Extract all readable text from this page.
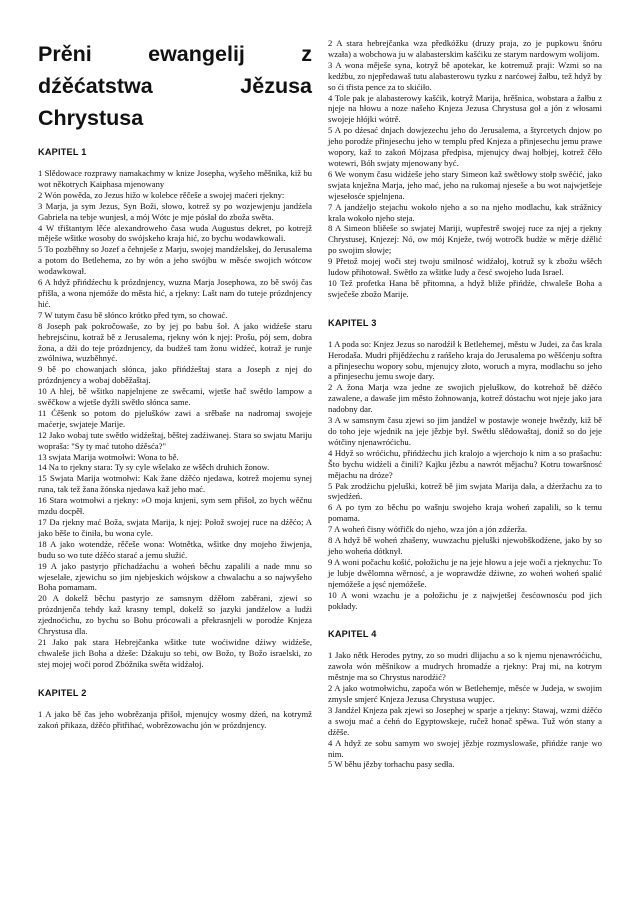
Prěni ewangelij z
dźěćatstwa Jězusa
Chrystusa
KAPITEL 1

1 Slědowace rozprawy namakachmy w knize Josepha, wyšeho měšnika, kiž bu wot někotrych Kaiphasa mjenowany

2 Wón powěda, zo Jezus hižo w kolebce rěčeše a swojej maćeri rjekny:

3 Marja, ja sym Jezus, Syn Boži, słowo, kotrež sy po wozjewjenju jandźela Gabriela na tebje wunjesł, a mój Wótc je mje pósłał do zboža swěta.

4 W třištantym lěće alexandroweho časa wuda Augustus dekret, po kotrejž měješe wšitke wosoby do swójskeho kraja hić, zo bychu wodawkowali.

5 To pozběhny so Jozef a čehnješe z Marju, swojej mandźelskej, do Jerusalema a potom do Betlehema, zo by wón a jeho swójbu w měsće swojich wótcow wodawkował.

6 A hdyž přińdźechu k prózdnjency, wuzna Marja Josephowa, zo bě swój čas přišła, a wona njemóže do města hić, a rjekny: Lašt nam do tuteje prózdnjency hić.

7 W tutym času bě słónco krótko před tym, so chować.

8 Joseph pak pokročowaše, zo by jej po babu šoł. A jako widźeše staru hebrejsćinu, kotraž bě z Jerusalema, rjekny wón k njej: Prošu, pój sem, dobra žona, a dźi do teje prózdnjency, da budźeš tam žonu widźeć, kotraž je runje zwólniwa, wuzběhnyć.

9 bě po chowanjach słónca, jako přińdźeštaj stara a Joseph z njej do prózdnjency a wobaj doběžaštaj.

10 A hlej, bě wšitko napjelnjene ze swěcami, wjetše hač swětło lampow a swěčkow a wjetše dyžli swětło słónca same.

11 Ćěšenk so potom do pjelušków zawi a srěbaše na nadromaj swojeje maćerje, swjateje Marije.

12 Jako wobaj tute swětło widźeštaj, běštej zadźiwanej. Stara so swjatu Mariju wopraša: "Sy ty mać tutoho dźěsća?"

13 swjata Marija wotmołwi: Wona to bě.

14 Na to rjekny stara: Ty sy cyle wšelako ze wšěch druhich žonow.

15 Swjata Marija wotmołwi: Kak žane dźěćo njedawa, kotrež mojemu synej runa, tak tež žana žónska njedawa kaž jeho mać.

16 Stara wotmołwi a rjekny: »O moja knjeni, sym sem přišoł, zo bych wěčnu mzdu docpěł.

17 Da rjekny mać Boža, swjata Marija, k njej: Połož swojej ruce na dźěćo; A jako běše to činiła, bu wona cyle.

18 A jako wotendźe, rěčeše wona: Wotnětka, wšitke dny mojeho žiwjenja, budu so wo tute dźěćo starać a jemu słužić.

19 A jako pastyrjo přichadźachu a woheń běchu zapalili a nade mnu so wjeselałe, zjewichu so jim njebjeskich wójskow a chwalachu a so najwyšeho Boha pomamam.

20 A dokelž běchu pastyrjo ze samsnym dźěłom zaběrani, zjewi so prózdnjenča tehdy kaž krasny templ, dokelž so jazyki jandźelow a ludźi zjednoćichu, zo bychu so Bohu prócowali a překrasnjeli w porodźe Knjeza Chrystusa dla.

21 Jako pak stara Hebrejčanka wšitke tute woćiwidne dźiwy widźeše, chwaleše jich Boha a dźeše: Dźakuju so tebi, ow Božo, ty Božo israelski, zo stej mojej woči porod Zbóžnika swěta widźałoj.

KAPITEL 2

1 A jako bě čas jeho wobrězanja přišoł, mjenujcy wosmy dźeń, na kotrymž zakoń přikaza, dźěćo přitřihać, wobrězowachu jón w prózdnjency.

2 A stara hebrejčanka wza předkóžku (druzy praja, zo je pupkowu šnóru wzała) a wobchowa ju w alabasterskim kašćiku ze starym nardowym wolijom.

3 A wona měješe syna, kotryž bě apotekar, ke kotremuž praji: Wzmi so na kedźbu, zo njepředawaš tutu alabasterowu tyzku z narćowej žałbu, tež hdyž by so ći třista pence za to skićiło.

4 Tole pak je alabasterowy kašćik, kotryž Marija, hrěšnica, wobstara a žałbu z njeje na hłowu a noze našeho Knjeza Jezusa Chrystusa goł a jón z włosami swojeje hłójki wótrě.

5 A po dźesać dnjach dowjezechu jeho do Jerusalema, a štyrcetych dnjow po jeho porodźe přinjesechu jeho w templu před Knjeza a přinjesechu jemu prawe wopory, kaž to zakoń Mójzasa předpisa, mjenujcy dwaj hołbjej, kotrež čěło wotewri, Bóh swjaty mjenowany być.

6 We wonym času widźeše jeho stary Simeon kaž swětłowy stołp swěćić, jako swjata knježna Marja, jeho mać, jeho na rukomaj njeseše a bu wot najwjetšeje wjesełosće spjelnjena.

7 A jandźeljo stejachu wokoło njeho a so na njeho modlachu, kak strážnicy krala wokoło njeho steja.

8 A Simeon bliěeše so swjatej Mariji, wupřestrě swojej ruce za njej a rjekny Chrystusej, Knjezej: Nó, ow mój Knježe, twój wotročk budźe w měrje dźělić po swojim słowje;

9 Přetož mojej woči stej twoju smilnosć widźałoj, kotruž sy k zbožu wšěch ludow přihotował. Swětło za wšitke ludy a česć swojeho luda Israel.

10 Tež profetka Hana bě přitomna, a hdyž bliže přińdźe, chwaleše Boha a swječeše zbožo Marije.

KAPITEL 3

1 A poda so: Knjez Jezus so narodźił k Betlehemej, městu w Judei, za čas krala Herodaša. Mudri přijědźechu z rańšeho kraja do Jerusalema po wěšćenju softra a přinjesechu wopory sobu, mjenujcy złoto, woruch a myra, modlachu so jeho a přinjesechu jemu swoje dary.

2 A žona Marja wza jedne ze swojich pjeluškow, do kotrehož bě dźěćo zawalene, a dawaše jim město žohnowanja, kotrež dóstachu wot njeje jako jara nadobny dar.

3 A w samsnym času zjewi so jim jandźel w postawje woneje hwězdy, kiž bě do toho jeje wjednik na jeje jězbje był. Swětłu slědowaštaj, doniž so do jeje wótčiny njenawróćichu.

4 Hdyž so wróćichu, přińdźechu jich kralojo a wjerchojo k nim a so prašachu: Što bychu widźeli a činili? Kajku jězbu a nawrót mějachu? Kotru towaršnosć mějachu na dróze?

5 Pak zrodźichu pjeluški, kotrež bě jim swjata Marija dała, a dźeržachu za to swjedźeń.

6 A po tym zo běchu po wašnju swojeho kraja woheń zapalili, so k temu pomama.

7 A woheń čisny wótřičk do njeho, wza jón a jón zdźerža.

8 A hdyž bě woheń zhašeny, wuwzachu pjeluški njewobškodźene, jako by so jeho woheńa dótknył.

9 A woni počachu košić, połožichu je na jeje hłowu a jeje woči a rjeknychu: To je lubje dwělomna wěrnosć, a je woprawdźe dźiwne, zo woheń woheń spalić njemóžeše a jęsć njemóžeše.

10 A woni wzachu je a połožichu je z najwjetšej česćownosću pod jich pokłady.

KAPITEL 4

1 Jako nětk Herodes pytny, zo so mudri dlijachu a so k njemu njenawróćichu, zawoła wón měšnikow a mudrych hromadźe a rjekny: Praj mi, na kotrym městnje ma so Chrystus narodźić?

2 A jako wotmołwichu, započa wón w Betlehemje, měsće w Judeja, w swojim zmysle smjerć Knjeza Jezusa Chrystusa wupjec.

3 Jandźel Knjeza pak zjewi so Josephej w sparje a rjekny: Stawaj, wzmi dźěćo a swoju mać a ćehń do Egyptowskeje, ručež honač spěwa. Tuž wón stany a dźěše.

4 A hdyž ze sobu samym wo swojej jězbje rozmyslowaše, přińdźe ranje wo nim.

5 W běhu jězby torhachu pasy sedła.
